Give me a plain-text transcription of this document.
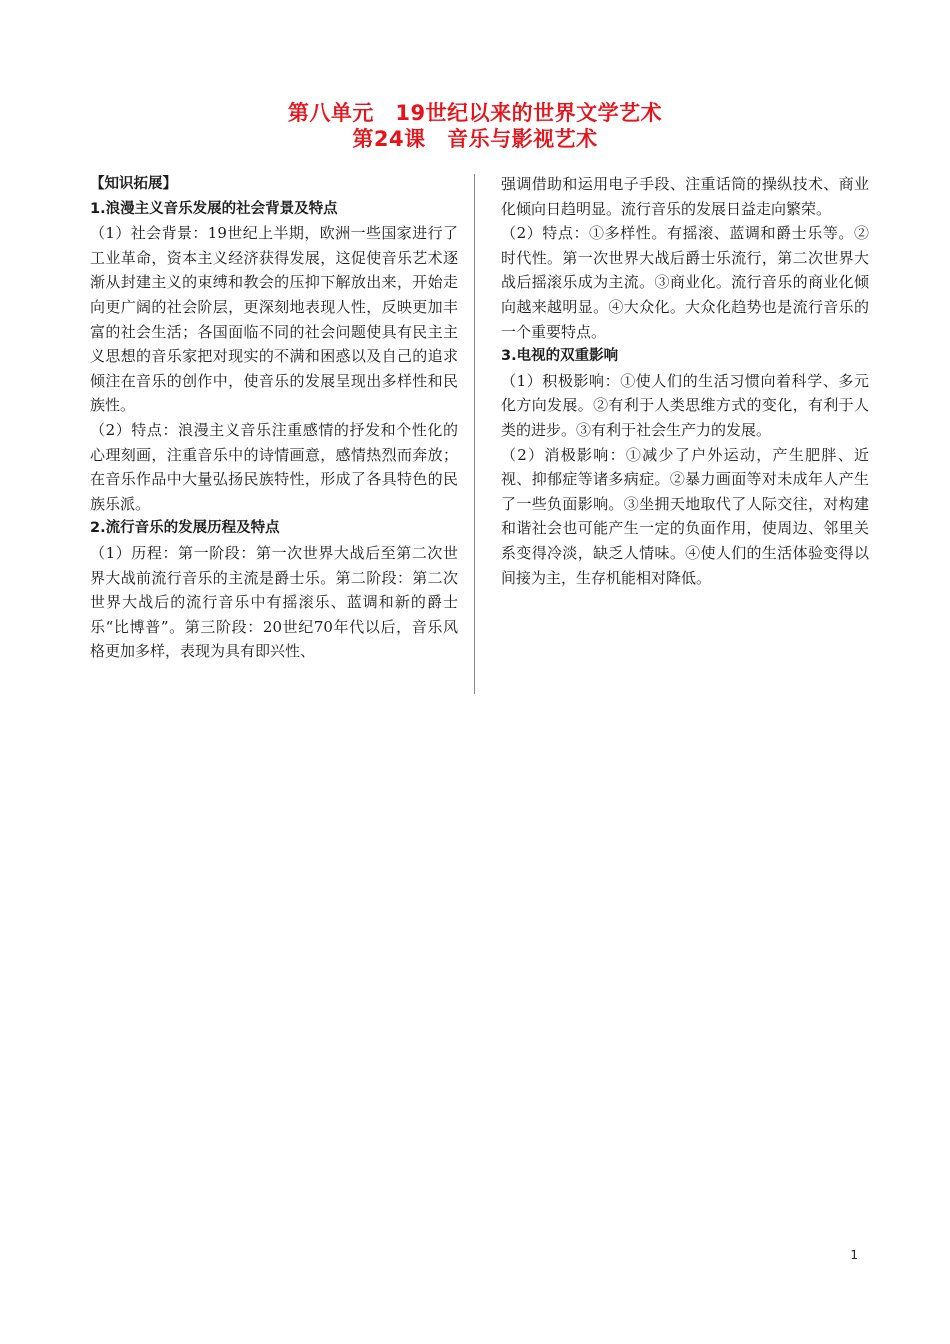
第八单元　19世纪以来的世界文学艺术
第24课　音乐与影视艺术

【知识拓展】

1.浪漫主义音乐发展的社会背景及特点

（1）社会背景：19世纪上半期，欧洲一些国家进行了工业革命，资本主义经济获得发展，这促使音乐艺术逐渐从封建主义的束缚和教会的压抑下解放出来，开始走向更广阔的社会阶层，更深刻地表现人性，反映更加丰富的社会生活；各国面临不同的社会问题使具有民主主义思想的音乐家把对现实的不满和困惑以及自己的追求倾注在音乐的创作中，使音乐的发展呈现出多样性和民族性。

（2）特点：浪漫主义音乐注重感情的抒发和个性化的心理刻画，注重音乐中的诗情画意，感情热烈而奔放；在音乐作品中大量弘扬民族特性，形成了各具特色的民族乐派。

2.流行音乐的发展历程及特点

（1）历程：第一阶段：第一次世界大战后至第二次世界大战前流行音乐的主流是爵士乐。第二阶段：第二次世界大战后的流行音乐中有摇滚乐、蓝调和新的爵士乐“比博普”。第三阶段：20世纪70年代以后，音乐风格更加多样，表现为具有即兴性、

强调借助和运用电子手段、注重话筒的操纵技术、商业化倾向日趋明显。流行音乐的发展日益走向繁荣。

（2）特点：①多样性。有摇滚、蓝调和爵士乐等。②时代性。第一次世界大战后爵士乐流行，第二次世界大战后摇滚乐成为主流。③商业化。流行音乐的商业化倾向越来越明显。④大众化。大众化趋势也是流行音乐的一个重要特点。

3.电视的双重影响

（1）积极影响：①使人们的生活习惯向着科学、多元化方向发展。②有利于人类思维方式的变化，有利于人类的进步。③有利于社会生产力的发展。

（2）消极影响：①减少了户外运动，产生肥胖、近视、抑郁症等诸多病症。②暴力画面等对未成年人产生了一些负面影响。③坐拥天地取代了人际交往，对构建和谐社会也可能产生一定的负面作用，使周边、邻里关系变得冷淡，缺乏人情味。④使人们的生活体验变得以间接为主，生存机能相对降低。

1
